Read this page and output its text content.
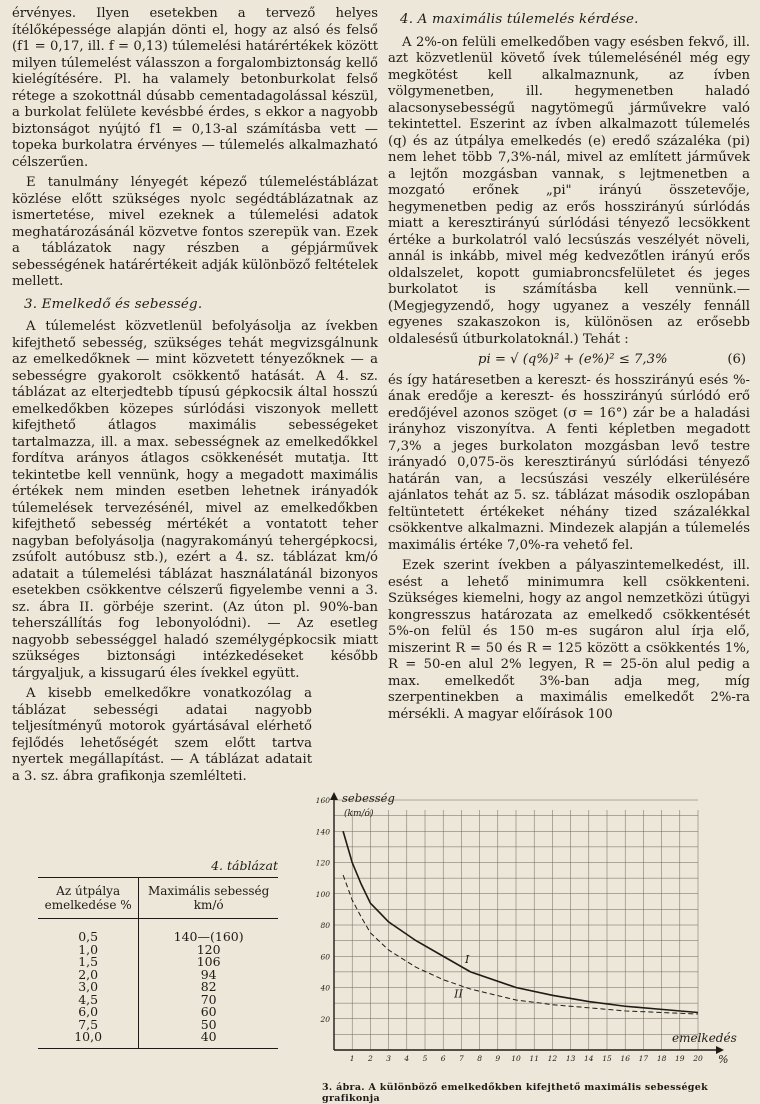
érvényes. Ilyen esetekben a tervező helyes ítélőképessége alapján dönti el, hogy az alsó és felső (f1 = 0,17, ill. f = 0,13) túlemelési határértékek között milyen túlemelést válasszon a forgalombiztonság kellő kielégítésére. Pl. ha valamely betonburkolat felső rétege a szokottnál dúsabb cementadagolással készül, a burkolat felülete kevésbbé érdes, s ekkor a nagyobb biztonságot nyújtó f1 = 0,13-al számításba vett — topeka burkolatra érvényes — túlemelés alkalmazható célszerűen.

E tanulmány lényegét képező túlemeléstáblázat közlése előtt szükséges nyolc segédtáblázatnak az ismertetése, mivel ezeknek a túlemelési adatok meghatározásánál közvetve fontos szerepük van. Ezek a táblázatok nagy részben a gépjárművek sebességének határértékeit adják különböző feltételek mellett.

3. Emelkedő és sebesség.

A túlemelést közvetlenül befolyásolja az ívekben kifejthető sebesség, szükséges tehát megvizsgálnunk az emelkedőknek — mint közvetett tényezőknek — a sebességre gyakorolt csökkentő hatását. A 4. sz. táblázat az elterjedtebb típusú gépkocsik által hosszú emelkedőkben közepes súrlódási viszonyok mellett kifejthető átlagos maximális sebességeket tartalmazza, ill. a max. sebességnek az emelkedőkkel fordítva arányos átlagos csökkenését mutatja. Itt tekintetbe kell vennünk, hogy a megadott maximális értékek nem minden esetben lehetnek irányadók túlemelések tervezésénél, mivel az emelkedőkben kifejthető sebesség mértékét a vontatott teher nagyban befolyásolja (nagyrakományú tehergépkocsi, zsúfolt autóbusz stb.), ezért a 4. sz. táblázat km/ó adatait a túlemelési táblázat használatánál bizonyos esetekben csökkentve célszerű figyelembe venni a 3. sz. ábra II. görbéje szerint. (Az úton pl. 90%-ban teherszállítás fog lebonyolódni). — Az esetleg nagyobb sebességgel haladó személygépkocsik miatt szükséges biztonsági intézkedéseket később tárgyaljuk, a kissugarú éles ívekkel együtt.

A kisebb emelkedőkre vonatkozólag a táblázat sebességi adatai nagyobb teljesítményű motorok gyártásával elérhető fejlődés lehetőségét szem előtt tartva nyertek megállapítást. — A táblázat adatait a 3. sz. ábra grafikonja szemlélteti.

4. A maximális túlemelés kérdése.

A 2%-on felüli emelkedőben vagy esésben fekvő, ill. azt közvetlenül követő ívek túlemelésénél még egy megkötést kell alkalmaznunk, az ívben völgymenetben, ill. hegymenetben haladó alacsonysebességű nagytömegű járművekre való tekintettel. Eszerint az ívben alkalmazott túlemelés (q) és az útpálya emelkedés (e) eredő százaléka (pi) nem lehet több 7,3%-nál, mivel az említett járművek a lejtőn mozgásban vannak, s lejtmenetben a mozgató erőnek „pi" irányú összetevője, hegymenetben pedig az erős hosszirányú súrlódás miatt a keresztirányú súrlódási tényező lecsökkent értéke a burkolatról való lecsúszás veszélyét növeli, annál is inkább, mivel még kedvezőtlen irányú erős oldalszelet, kopott gumiabroncsfelületet és jeges burkolatot is számításba kell vennünk.—(Megjegyzendő, hogy ugyanez a veszély fennáll egyenes szakaszokon is, különösen az erősebb oldalesésű útburkolatoknál.) Tehát :

pi = √ (q%)² + (e%)² ≤ 7,3%	(6)

és így határesetben a kereszt- és hosszirányú esés %-ának eredője a kereszt- és hosszirányú súrlódó erő eredőjével azonos szöget (σ = 16°) zár be a haladási irányhoz viszonyítva. A fenti képletben megadott 7,3% a jeges burkolaton mozgásban levő testre irányadó 0,075-ös keresztirányú súrlódási tényező határán van, a lecsúszási veszély elkerülésére ajánlatos tehát az 5. sz. táblázat második oszlopában feltüntetett értékeket néhány tized százalékkal csökkentve alkalmazni. Mindezek alapján a túlemelés maximális értéke 7,0%-ra vehető fel.

Ezek szerint ívekben a pályaszintemelkedést, ill. esést a lehető minimumra kell csökkenteni. Szükséges kiemelni, hogy az angol nemzetközi útügyi kongresszus határozata az emelkedő csökkentését 5%-on felül és 150 m-es sugáron alul írja elő, miszerint R = 50 és R = 125 között a csökkentés 1%, R = 50-en alul 2% legyen, R = 25-ön alul pedig a max. emelkedőt 3%-ban adja meg, míg szerpentinekben a maximális emelkedőt 2%-ra mérsékli. A magyar előírások 100

4. táblázat
Az útpálya emelkedése %	Maximális sebesség km/ó
0,5	140—(160)
1,0	120
1,5	106
2,0	94
3,0	82
4,5	70
6,0	60
7,5	50
10,0	40
1 2 3 4 5 6 7 8 9 10 11 12 13 14 15 16 17 18 19 20
20
40
60
80
100
120
140
160 sebesség
(km/ó)
emelkedés
%
I
II
3. ábra. A különböző emelkedőkben kifejthető maximális sebességek grafikonja
